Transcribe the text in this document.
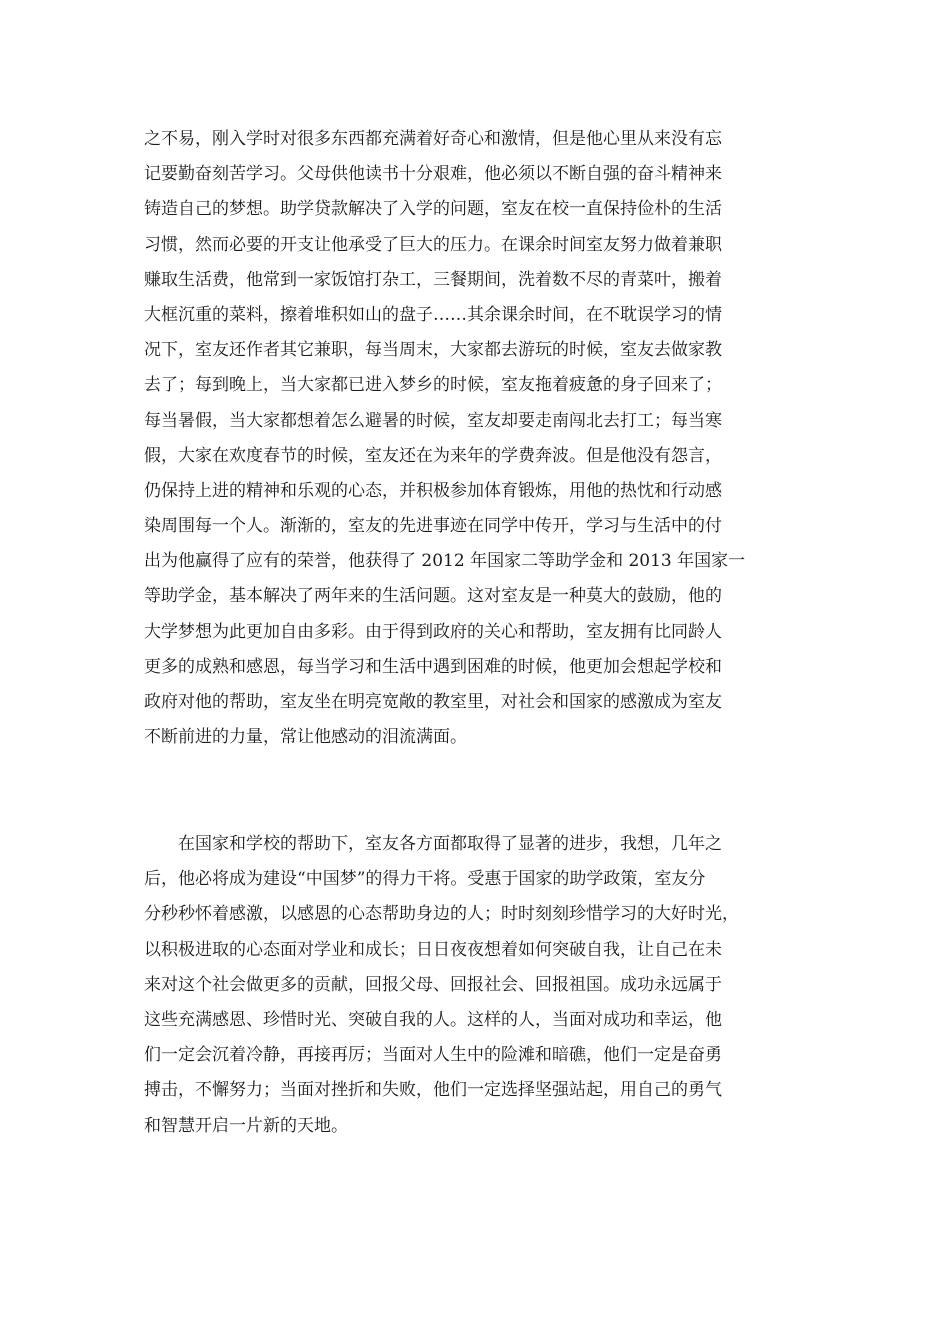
之不易，刚入学时对很多东西都充满着好奇心和激情，但是他心里从来没有忘
记要勤奋刻苦学习。父母供他读书十分艰难，他必须以不断自强的奋斗精神来
铸造自己的梦想。助学贷款解决了入学的问题，室友在校一直保持俭朴的生活
习惯，然而必要的开支让他承受了巨大的压力。在课余时间室友努力做着兼职
赚取生活费，他常到一家饭馆打杂工，三餐期间，洗着数不尽的青菜叶，搬着
大框沉重的菜料，擦着堆积如山的盘子……其余课余时间，在不耽误学习的情
况下，室友还作者其它兼职，每当周末，大家都去游玩的时候，室友去做家教
去了；每到晚上，当大家都已进入梦乡的时候，室友拖着疲惫的身子回来了；
每当暑假，当大家都想着怎么避暑的时候，室友却要走南闯北去打工；每当寒
假，大家在欢度春节的时候，室友还在为来年的学费奔波。但是他没有怨言，
仍保持上进的精神和乐观的心态，并积极参加体育锻炼，用他的热忱和行动感
染周围每一个人。渐渐的，室友的先进事迹在同学中传开，学习与生活中的付
出为他赢得了应有的荣誉，他获得了 2012 年国家二等助学金和 2013 年国家一
等助学金，基本解决了两年来的生活问题。这对室友是一种莫大的鼓励，他的
大学梦想为此更加自由多彩。由于得到政府的关心和帮助，室友拥有比同龄人
更多的成熟和感恩，每当学习和生活中遇到困难的时候，他更加会想起学校和
政府对他的帮助，室友坐在明亮宽敞的教室里，对社会和国家的感激成为室友
不断前进的力量，常让他感动的泪流满面。
在国家和学校的帮助下，室友各方面都取得了显著的进步，我想，几年之
后，他必将成为建设“中国梦”的得力干将。受惠于国家的助学政策，室友分
分秒秒怀着感激，以感恩的心态帮助身边的人；时时刻刻珍惜学习的大好时光，
以积极进取的心态面对学业和成长；日日夜夜想着如何突破自我，让自己在未
来对这个社会做更多的贡献，回报父母、回报社会、回报祖国。成功永远属于
这些充满感恩、珍惜时光、突破自我的人。这样的人，当面对成功和幸运，他
们一定会沉着冷静，再接再厉；当面对人生中的险滩和暗礁，他们一定是奋勇
搏击，不懈努力；当面对挫折和失败，他们一定选择坚强站起，用自己的勇气
和智慧开启一片新的天地。
